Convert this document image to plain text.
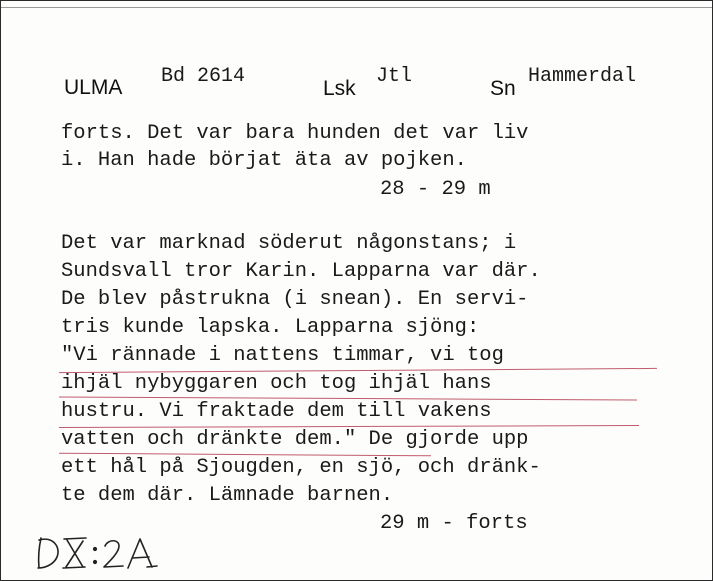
ULMA Bd 2614
Lsk
Jtl
Sn
Hammerdal
forts. Det var bara hunden det var liv
i. Han hade börjat äta av pojken.
28 - 29 m
Det var marknad söderut någonstans; i
Sundsvall tror Karin. Lapparna var där.
De blev påstrukna (i snean). En servi-
tris kunde lapska. Lapparna sjöng:
"Vi rännade i nattens timmar, vi tog
ihjäl nybyggaren och tog ihjäl hans
hustru. Vi fraktade dem till vakens
vatten och dränkte dem." De gjorde upp
ett hål på Sjougden, en sjö, och dränk-
te dem där. Lämnade barnen.
29 m - forts
